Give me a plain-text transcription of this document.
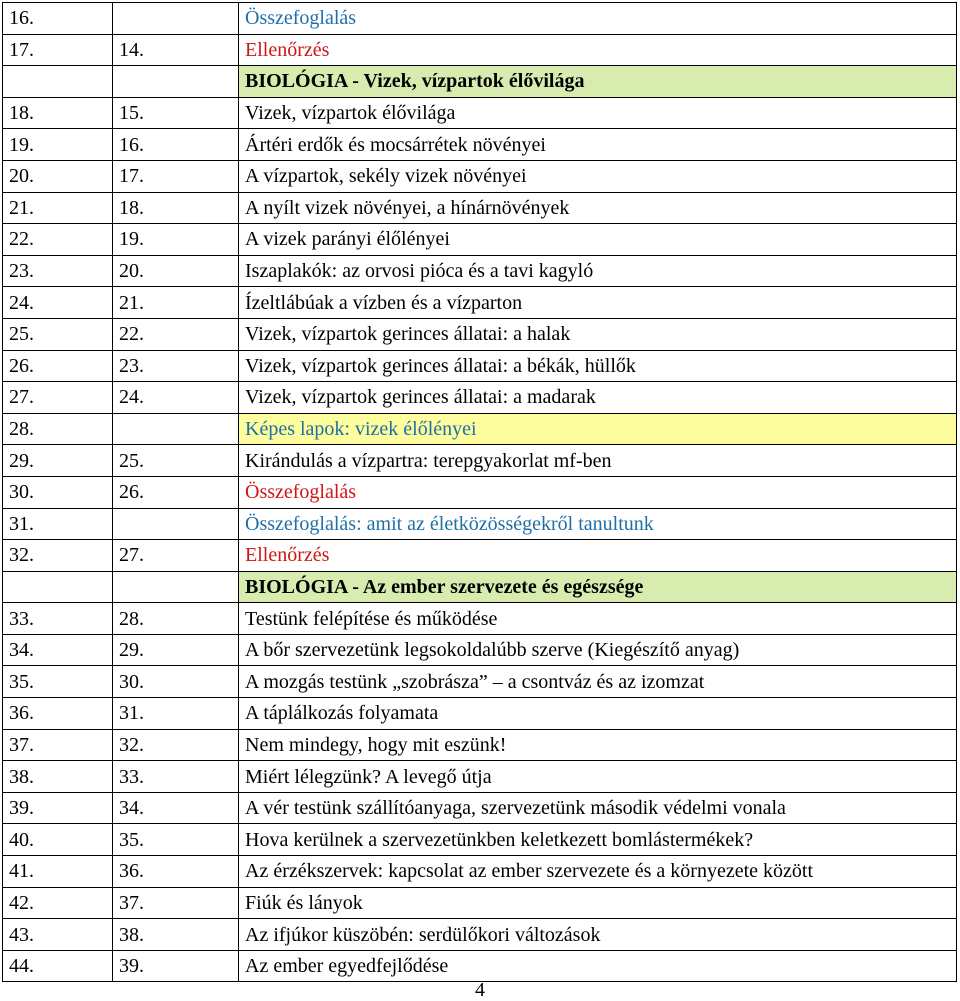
16.		Összefoglalás
17.	14.	Ellenőrzés
		BIOLÓGIA - Vizek, vízpartok élővilága
18.	15.	Vizek, vízpartok élővilága
19.	16.	Ártéri erdők és mocsárrétek növényei
20.	17.	A vízpartok, sekély vizek növényei
21.	18.	A nyílt vizek növényei, a hínárnövények
22.	19.	A vizek parányi élőlényei
23.	20.	Iszaplakók: az orvosi pióca és a tavi kagyló
24.	21.	Ízeltlábúak a vízben és a vízparton
25.	22.	Vizek, vízpartok gerinces állatai: a halak
26.	23.	Vizek, vízpartok gerinces állatai: a békák, hüllők
27.	24.	Vizek, vízpartok gerinces állatai: a madarak
28.		Képes lapok: vizek élőlényei
29.	25.	Kirándulás a vízpartra: terepgyakorlat mf-ben
30.	26.	Összefoglalás
31.		Összefoglalás: amit az életközösségekről tanultunk
32.	27.	Ellenőrzés
		BIOLÓGIA - Az ember szervezete és egészsége
33.	28.	Testünk felépítése és működése
34.	29.	A bőr szervezetünk legsokoldalúbb szerve (Kiegészítő anyag)
35.	30.	A mozgás testünk „szobrásza” – a csontváz és az izomzat
36.	31.	A táplálkozás folyamata
37.	32.	Nem mindegy, hogy mit eszünk!
38.	33.	Miért lélegzünk? A levegő útja
39.	34.	A vér testünk szállítóanyaga, szervezetünk második védelmi vonala
40.	35.	Hova kerülnek a szervezetünkben keletkezett bomlástermékek?
41.	36.	Az érzékszervek: kapcsolat az ember szervezete és a környezete között
42.	37.	Fiúk és lányok
43.	38.	Az ifjúkor küszöbén: serdülőkori változások
44.	39.	Az ember egyedfejlődése
4
